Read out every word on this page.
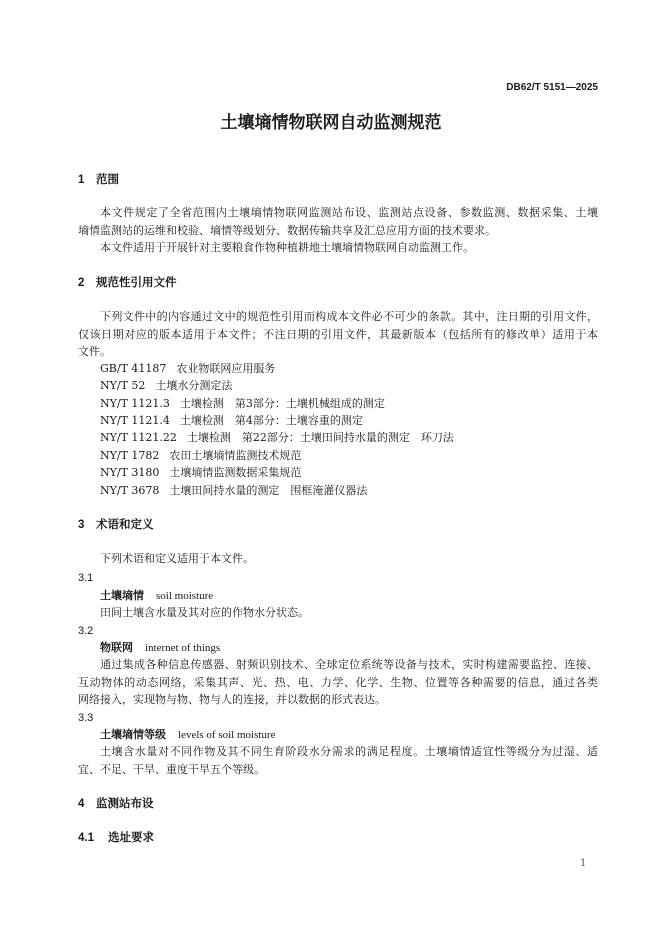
DB62/T 5151—2025
土壤墒情物联网自动监测规范
1 范围
本文件规定了全省范围内土壤墒情物联网监测站布设、监测站点设备、参数监测、数据采集、土壤
墒情监测站的运维和校验、墒情等级划分、数据传输共享及汇总应用方面的技术要求。
本文件适用于开展针对主要粮食作物种植耕地土壤墒情物联网自动监测工作。
2 规范性引用文件
下列文件中的内容通过文中的规范性引用而构成本文件必不可少的条款。其中，注日期的引用文件，
仅该日期对应的版本适用于本文件；不注日期的引用文件，其最新版本（包括所有的修改单）适用于本
文件。
GB/T 41187 农业物联网应用服务
NY/T 52 土壤水分测定法
NY/T 1121.3 土壤检测　第3部分：土壤机械组成的测定
NY/T 1121.4 土壤检测　第4部分：土壤容重的测定
NY/T 1121.22 土壤检测　第22部分：土壤田间持水量的测定　环刀法
NY/T 1782 农田土壤墒情监测技术规范
NY/T 3180 土壤墒情监测数据采集规范
NY/T 3678 土壤田间持水量的测定　围框淹灌仪器法
3 术语和定义
下列术语和定义适用于本文件。
3.1
土壤墒情 soil moisture
田间土壤含水量及其对应的作物水分状态。
3.2
物联网 internet of things
通过集成各种信息传感器、射频识别技术、全球定位系统等设备与技术，实时构建需要监控、连接、
互动物体的动态网络，采集其声、光、热、电、力学、化学、生物、位置等各种需要的信息，通过各类
网络接入，实现物与物、物与人的连接，并以数据的形式表达。
3.3
土壤墒情等级 levels of soil moisture
土壤含水量对不同作物及其不同生育阶段水分需求的满足程度。土壤墒情适宜性等级分为过湿、适
宜、不足、干旱、重度干旱五个等级。
4 监测站布设
4.1 选址要求
1
